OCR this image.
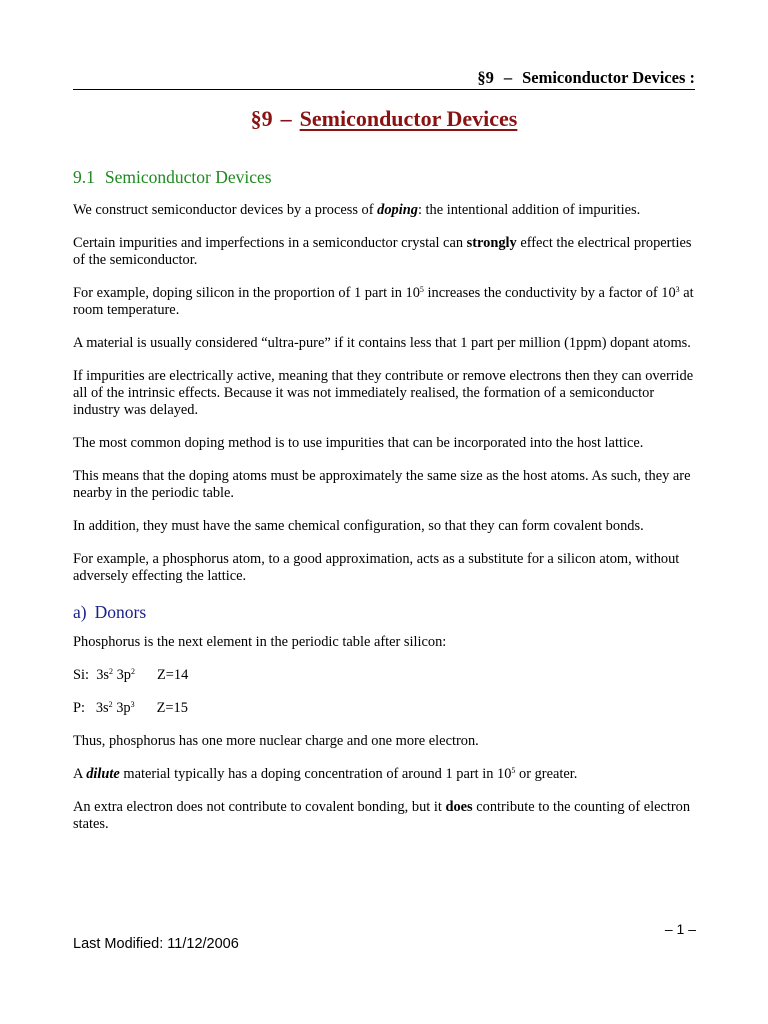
§9 – Semiconductor Devices :
§9 – Semiconductor Devices
9.1 Semiconductor Devices

We construct semiconductor devices by a process of doping: the intentional addition of impurities.

Certain impurities and imperfections in a semiconductor crystal can strongly effect the electrical properties of the semiconductor.

For example, doping silicon in the proportion of 1 part in $10^5$ increases the conductivity by a factor of $10^3$ at room temperature.

A material is usually considered “ultra-pure” if it contains less that 1 part per million (1ppm) dopant atoms.

If impurities are electrically active, meaning that they contribute or remove electrons then they can override all of the intrinsic effects. Because it was not immediately realised, the formation of a semiconductor industry was delayed.

The most common doping method is to use impurities that can be incorporated into the host lattice.

This means that the doping atoms must be approximately the same size as the host atoms. As such, they are nearby in the periodic table.

In addition, they must have the same chemical configuration, so that they can form covalent bonds.

For example, a phosphorus atom, to a good approximation, acts as a substitute for a silicon atom, without adversely effecting the lattice.

a) Donors

Phosphorus is the next element in the periodic table after silicon:

Si: $3s^2$ $3p^2$ Z=14

P: $3s^2$ $3p^3$ Z=15

Thus, phosphorus has one more nuclear charge and one more electron.

A dilute material typically has a doping concentration of around 1 part in $10^5$ or greater.

An extra electron does not contribute to covalent bonding, but it does contribute to the counting of electron states.

– 1 –
Last Modified: 11/12/2006
